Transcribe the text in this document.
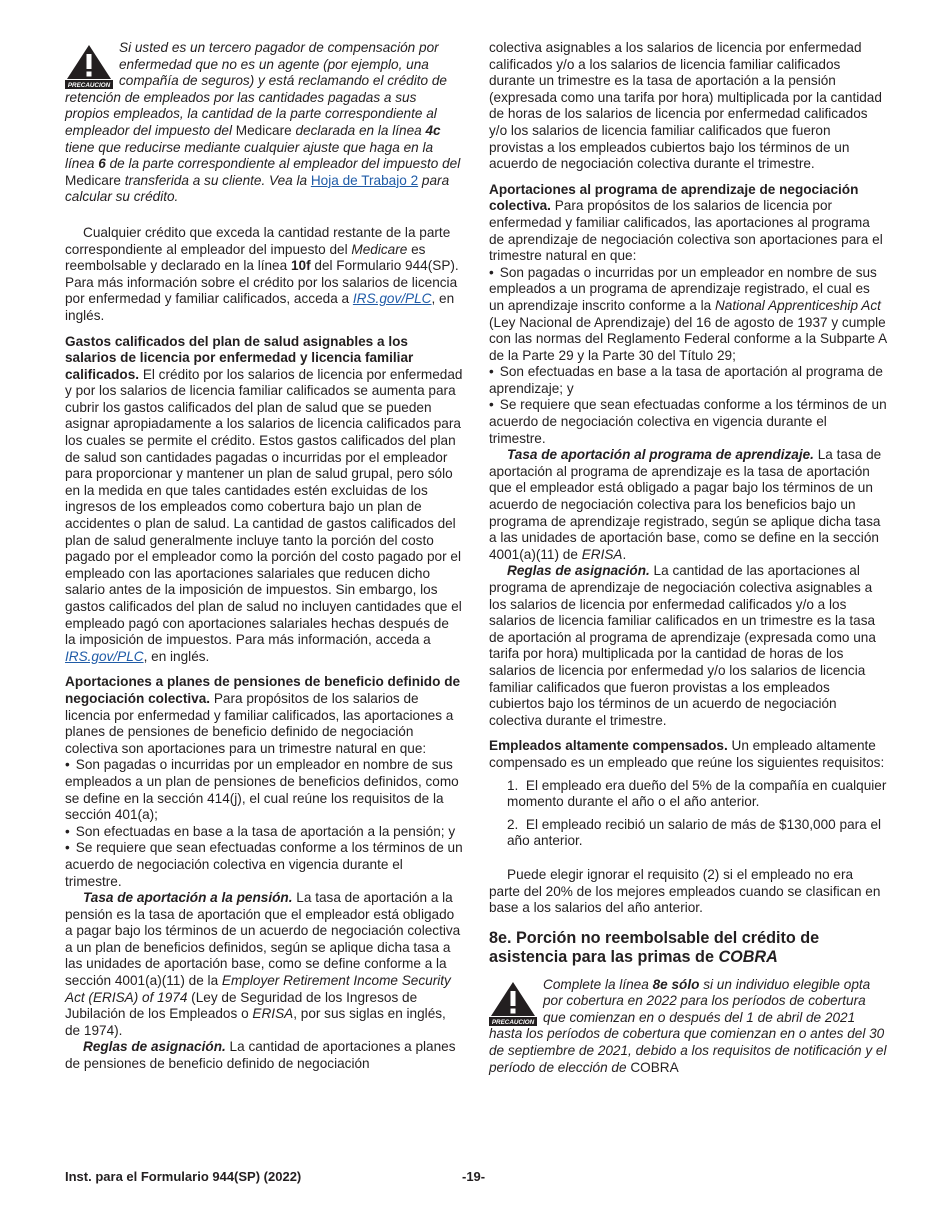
PRECAUCION
Si usted es un tercero pagador de compensación por enfermedad que no es un agente (por ejemplo, una compañía de seguros) y está reclamando el crédito de retención de empleados por las cantidades pagadas a sus propios empleados, la cantidad de la parte correspondiente al empleador del impuesto del Medicare declarada en la línea 4c tiene que reducirse mediante cualquier ajuste que haga en la línea 6 de la parte correspondiente al empleador del impuesto del Medicare transferida a su cliente. Vea la Hoja de Trabajo 2 para calcular su crédito.

Cualquier crédito que exceda la cantidad restante de la parte correspondiente al empleador del impuesto del Medicare es reembolsable y declarado en la línea 10f del Formulario 944(SP). Para más información sobre el crédito por los salarios de licencia por enfermedad y familiar calificados, acceda a IRS.gov/PLC, en inglés.

Gastos calificados del plan de salud asignables a los salarios de licencia por enfermedad y licencia familiar calificados. El crédito por los salarios de licencia por enfermedad y por los salarios de licencia familiar calificados se aumenta para cubrir los gastos calificados del plan de salud que se pueden asignar apropiadamente a los salarios de licencia calificados para los cuales se permite el crédito. Estos gastos calificados del plan de salud son cantidades pagadas o incurridas por el empleador para proporcionar y mantener un plan de salud grupal, pero sólo en la medida en que tales cantidades estén excluidas de los ingresos de los empleados como cobertura bajo un plan de accidentes o plan de salud. La cantidad de gastos calificados del plan de salud generalmente incluye tanto la porción del costo pagado por el empleador como la porción del costo pagado por el empleado con las aportaciones salariales que reducen dicho salario antes de la imposición de impuestos. Sin embargo, los gastos calificados del plan de salud no incluyen cantidades que el empleado pagó con aportaciones salariales hechas después de la imposición de impuestos. Para más información, acceda a IRS.gov/PLC, en inglés.

Aportaciones a planes de pensiones de beneficio definido de negociación colectiva. Para propósitos de los salarios de licencia por enfermedad y familiar calificados, las aportaciones a planes de pensiones de beneficio definido de negociación colectiva son aportaciones para un trimestre natural en que:

• Son pagadas o incurridas por un empleador en nombre de sus empleados a un plan de pensiones de beneficios definidos, como se define en la sección 414(j), el cual reúne los requisitos de la sección 401(a);

• Son efectuadas en base a la tasa de aportación a la pensión; y

• Se requiere que sean efectuadas conforme a los términos de un acuerdo de negociación colectiva en vigencia durante el trimestre.

Tasa de aportación a la pensión. La tasa de aportación a la pensión es la tasa de aportación que el empleador está obligado a pagar bajo los términos de un acuerdo de negociación colectiva a un plan de beneficios definidos, según se aplique dicha tasa a las unidades de aportación base, como se define conforme a la sección 4001(a)(11) de la Employer Retirement Income Security Act (ERISA) of 1974 (Ley de Seguridad de los Ingresos de Jubilación de los Empleados o ERISA, por sus siglas en inglés, de 1974).

Reglas de asignación. La cantidad de aportaciones a planes de pensiones de beneficio definido de negociación

colectiva asignables a los salarios de licencia por enfermedad calificados y/o a los salarios de licencia familiar calificados durante un trimestre es la tasa de aportación a la pensión (expresada como una tarifa por hora) multiplicada por la cantidad de horas de los salarios de licencia por enfermedad calificados y/o los salarios de licencia familiar calificados que fueron provistas a los empleados cubiertos bajo los términos de un acuerdo de negociación colectiva durante el trimestre.

Aportaciones al programa de aprendizaje de negociación colectiva. Para propósitos de los salarios de licencia por enfermedad y familiar calificados, las aportaciones al programa de aprendizaje de negociación colectiva son aportaciones para el trimestre natural en que:

• Son pagadas o incurridas por un empleador en nombre de sus empleados a un programa de aprendizaje registrado, el cual es un aprendizaje inscrito conforme a la National Apprenticeship Act (Ley Nacional de Aprendizaje) del 16 de agosto de 1937 y cumple con las normas del Reglamento Federal conforme a la Subparte A de la Parte 29 y la Parte 30 del Título 29;

• Son efectuadas en base a la tasa de aportación al programa de aprendizaje; y

• Se requiere que sean efectuadas conforme a los términos de un acuerdo de negociación colectiva en vigencia durante el trimestre.

Tasa de aportación al programa de aprendizaje. La tasa de aportación al programa de aprendizaje es la tasa de aportación que el empleador está obligado a pagar bajo los términos de un acuerdo de negociación colectiva para los beneficios bajo un programa de aprendizaje registrado, según se aplique dicha tasa a las unidades de aportación base, como se define en la sección 4001(a)(11) de ERISA.

Reglas de asignación. La cantidad de las aportaciones al programa de aprendizaje de negociación colectiva asignables a los salarios de licencia por enfermedad calificados y/o a los salarios de licencia familiar calificados en un trimestre es la tasa de aportación al programa de aprendizaje (expresada como una tarifa por hora) multiplicada por la cantidad de horas de los salarios de licencia por enfermedad y/o los salarios de licencia familiar calificados que fueron provistas a los empleados cubiertos bajo los términos de un acuerdo de negociación colectiva durante el trimestre.

Empleados altamente compensados. Un empleado altamente compensado es un empleado que reúne los siguientes requisitos:

1.  El empleado era dueño del 5% de la compañía en cualquier momento durante el año o el año anterior.

2.  El empleado recibió un salario de más de $130,000 para el año anterior.

Puede elegir ignorar el requisito (2) si el empleado no era parte del 20% de los mejores empleados cuando se clasifican en base a los salarios del año anterior.

8e. Porción no reembolsable del crédito de asistencia para las primas de COBRA
PRECAUCION
Complete la línea 8e sólo si un individuo elegible opta por cobertura en 2022 para los períodos de cobertura que comienzan en o después del 1 de abril de 2021 hasta los períodos de cobertura que comienzan en o antes del 30 de septiembre de 2021, debido a los requisitos de notificación y el período de elección de COBRA
Inst. para el Formulario 944(SP) (2022)	-19-
